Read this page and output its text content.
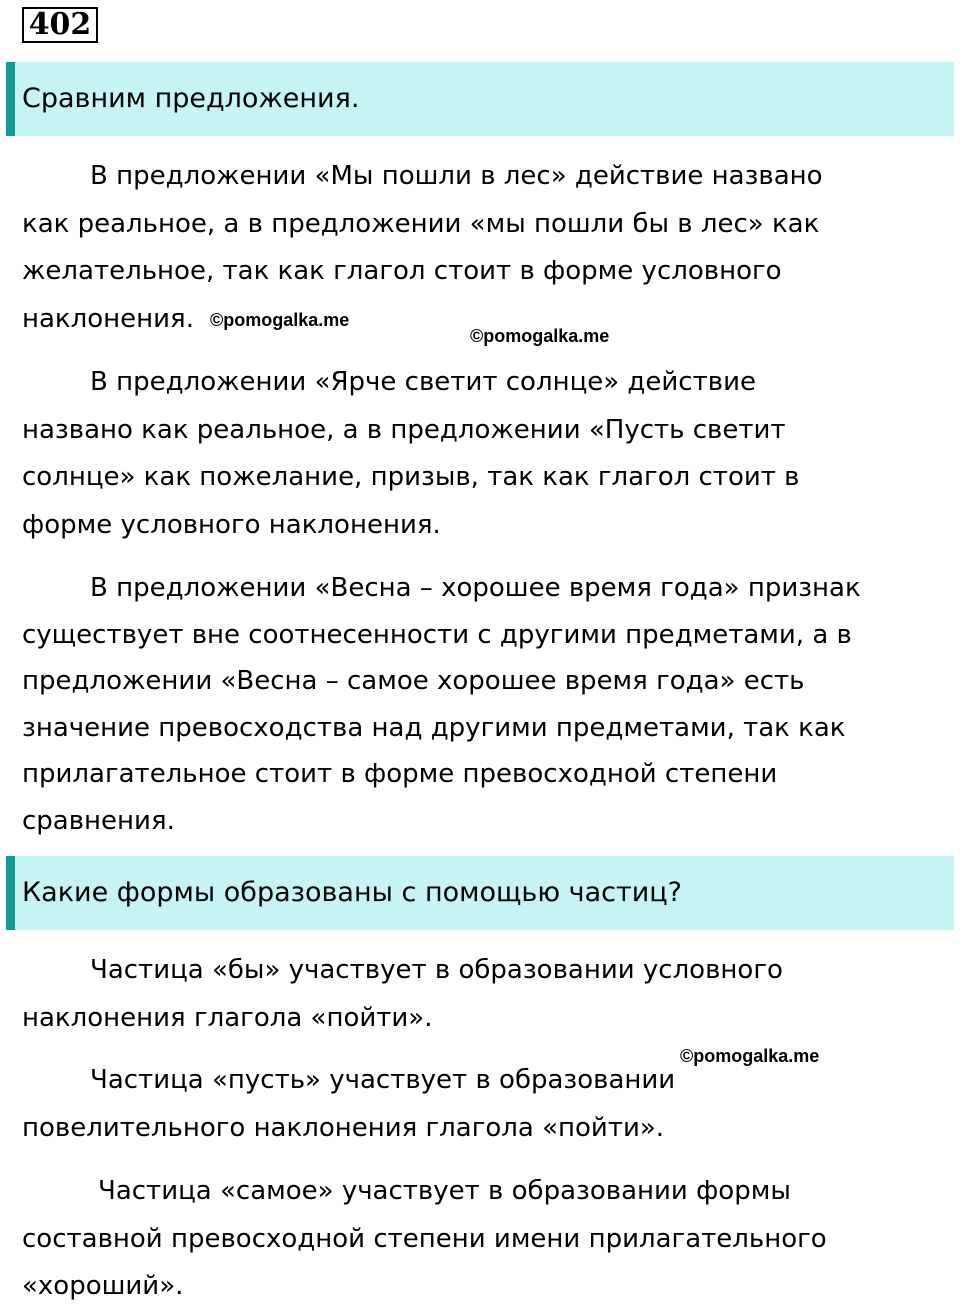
402
Сравним предложения.
В предложении «Мы пошли в лес» действие названо
как реальное, а в предложении «мы пошли бы в лес» как
желательное, так как глагол стоит в форме условного
наклонения. ©pomogalka.me
©pomogalka.me
В предложении «Ярче светит солнце» действие
названо как реальное, а в предложении «Пусть светит
солнце» как пожелание, призыв, так как глагол стоит в
форме условного наклонения.
В предложении «Весна – хорошее время года» признак
существует вне соотнесенности с другими предметами, а в
предложении «Весна – самое хорошее время года» есть
значение превосходства над другими предметами, так как
прилагательное стоит в форме превосходной степени
сравнения.
Какие формы образованы с помощью частиц?
Частица «бы» участвует в образовании условного
наклонения глагола «пойти».
©pomogalka.me
Частица «пусть» участвует в образовании
повелительного наклонения глагола «пойти».
Частица «самое» участвует в образовании формы
составной превосходной степени имени прилагательного
«хороший».
